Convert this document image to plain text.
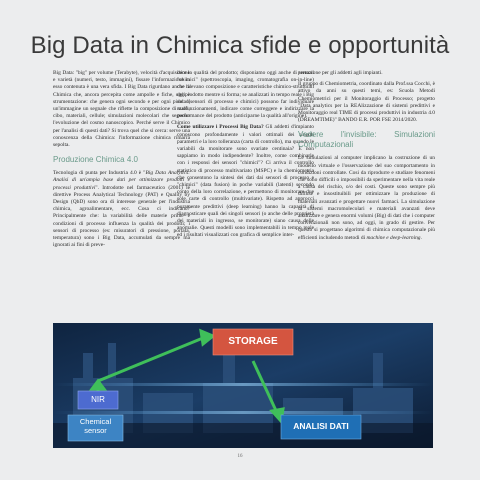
Big Data in Chimica sfide e opportunità

Big Data: "big" per volume (Terabyte), velocità d'acquisizione e varietà (numeri, testo, immagini), fissare l'informazione in esso contenuta è una vera sfida. I Big Data rigurdano anche la Chimica che, ancora percepita come ampolle e fiche, oggi è strumentazione: che genera ogni secondo e per ogni pixel di un'immagine un segnale che riflette la composizione di suoli, cibo, materiali, cellule; simulazioni molecolari che seguono l'evoluzione del cosmo nanoscopico. Perché serve il Chimico per l'analisi di questi dati? Si trova quel che si cerca: serve una conoscenza della Chimica: l'informazione chimica rimarrà sepolta.

Produzione Chimica 4.0

Tecnologia di punta per Industria 4.0 è "Big Data Analytics: Analisi di un'ampia base dati per ottimizzare prodotti e processi produttivi". Introdotte nel farmaceutico (2001) le direttive Process Analytical Technology (PAT) e Quality by Design (QbD) sono ora di interesse generale per l'industria chimica, agroalimentare, ecc. Cosa ci indicano? Principalmente che: la variabilità delle materie prime e condizioni di processo influenza la qualità dei prodotti; i sensori di processo (es: misuratori di pressione, portata, temperatura) sono i Big Data, accumulati da sempre ma ignorati ai fini di preve-

dere la qualità del prodotto; disponiamo oggi anche di sensori "chimici" (spettroscopia, imaging, cromatografia on-in-line) che rilevano composizione e caratteristiche chimico-strutturali del prodotto mentre si forma; se analizzati in tempo reale i Big data (sensori di processo e chimici) possono far individuare malfunzionamenti, indicare come correggere e indirizzare la performance del prodotto (anticiparne la qualità all'origine).

Come utilizzare i Processi Big Data? Gli addetti d'impianto conoscono profondamente i valori ottimali dei singoli parametri e la loro tolleranza (carta di controllo), ma quando le variabili da monitorare sono svariate centinaia? E non sappiamo in modo indipendente? Inoltre, come combinarle con i responsi dei sensori "chimici"? Ci arriva il controllo statistico di processo multivariato (MSPC) e la chemiometria che consentono la sintesi dei dati dai sensori di processo e "chimici" (data fusion) in poche variabili (latenti) secondo conto della loro correlazione, e permettono di monitorare due sole carte di controllo (multivariate). Rispetto ad approcci puramente predittivi (deep learning) hanno la capacità di diagnosticare quali dei singoli sensori (o anche delle proprietà dei materiali in ingresso, se monitorate) siano causa delle anomalie. Questi modelli sono implementabili in tempo reale ed i risultati visualizzati con grafica di semplice inter-

pretazione per gli addetti agli impianti.

Il gruppo di Chemiometria, coordinato dalla Prof.ssa Cocchi, è attivo da anni su questi temi, es: Scuola Metodi Chemiometrici per il Monitoraggio di Processo; progetto "Data analytics per la REAlizzazione di sistemi predittivi e Monitoraggio real TIME di processi produttivi in industria 4.0 (DREAMTIME)" BANDO E.R. POR FSE 2014/2020.

Vedere l'invisibile: Simulazioni Computazionali

Le simulazioni al computer implicano la costruzione di un modello virtuale e l'osservazione del suo comportamento in condizioni controllate. Cosi da riprodurre e studiare fenomeni che sono difficili o impossibili da sperimentare nella vita reale a causa del rischio, o/o dei costi. Queste sono sempre più diffuse e insostituibili per ottimizzare la produzione di materiali avanzati e progettare nuovi farmaci. La simulazione di sistemi macromolecolari e materiali avanzati deve analizzare e genera enormi volumi (Big) di dati che i computer convenzionali non sono, ad oggi, in grado di gestire. Per questo si progettano algoritmi di chimica computazionale più efficienti includendo metodi di machine e deep-learning.

NIR
Chemical
sensor
STORAGE
ANALISI DATI
16
